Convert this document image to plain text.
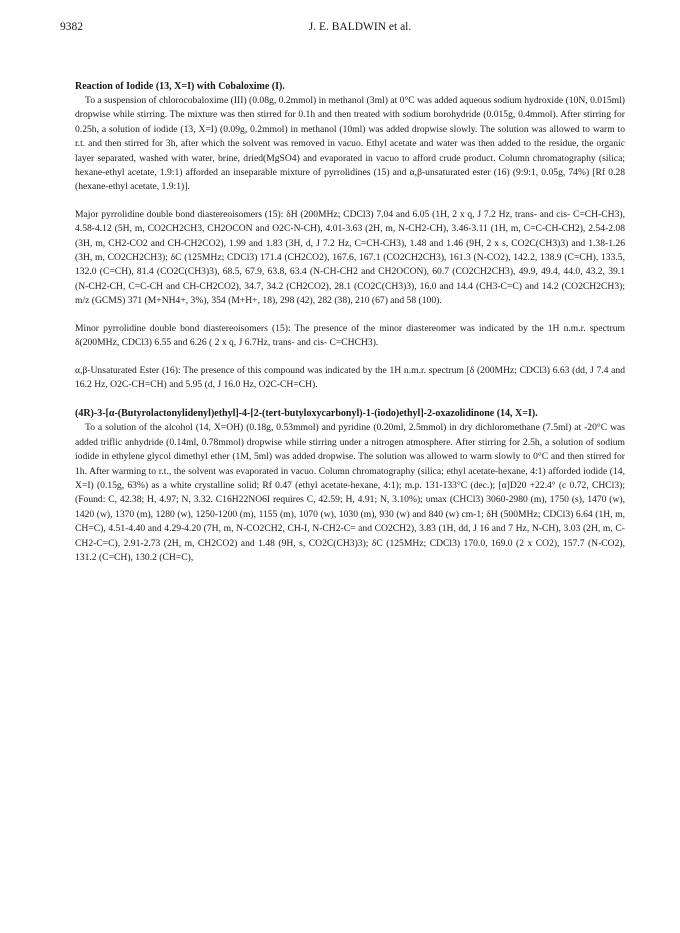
9382	J. E. BALDWIN et al.
Reaction of Iodide (13, X=I) with Cobaloxime (I).

To a suspension of chlorocobaloxime (III) (0.08g, 0.2mmol) in methanol (3ml) at 0°C was added aqueous sodium hydroxide (10N, 0.015ml) dropwise while stirring. The mixture was then stirred for 0.1h and then treated with sodium borohydride (0.015g, 0.4mmol). After stirring for 0.25h, a solution of iodide (13, X=I) (0.09g, 0.2mmol) in methanol (10ml) was added dropwise slowly. The solution was allowed to warm to r.t. and then stirred for 3h, after which the solvent was removed in vacuo. Ethyl acetate and water was then added to the residue, the organic layer separated, washed with water, brine, dried(MgSO4) and evaporated in vacuo to afford crude product. Column chromatography (silica; hexane-ethyl acetate, 1.9:1) afforded an inseparable mixture of pyrrolidines (15) and α,β-unsaturated ester (16) (9:9:1, 0.05g, 74%) [Rf 0.28 (hexane-ethyl acetate, 1.9:1)].

Major pyrrolidine double bond diastereoisomers (15): δH (200MHz; CDCl3) 7.04 and 6.05 (1H, 2 x q, J 7.2 Hz, trans- and cis- C=CH-CH3), 4.58-4.12 (5H, m, CO2CH2CH3, CH2OCON and O2C-N-CH), 4.01-3.63 (2H, m, N-CH2-CH), 3.46-3.11 (1H, m, C=C-CH-CH2), 2.54-2.08 (3H, m, CH2-CO2 and CH-CH2CO2), 1.99 and 1.83 (3H, d, J 7.2 Hz, C=CH-CH3), 1.48 and 1.46 (9H, 2 x s, CO2C(CH3)3) and 1.38-1.26 (3H, m, CO2CH2CH3); δC (125MHz; CDCl3) 171.4 (CH2CO2), 167.6, 167.1 (CO2CH2CH3), 161.3 (N-CO2), 142.2, 138.9 (C=CH), 133.5, 132.0 (C=CH), 81.4 (CO2C(CH3)3), 68.5, 67.9, 63.8, 63.4 (N-CH-CH2 and CH2OCON), 60.7 (CO2CH2CH3), 49.9, 49.4, 44.0, 43.2, 39.1 (N-CH2-CH, C=C-CH and CH-CH2CO2), 34.7, 34.2 (CH2CO2), 28.1 (CO2C(CH3)3), 16.0 and 14.4 (CH3-C=C) and 14.2 (CO2CH2CH3); m/z (GCMS) 371 (M+NH4+, 3%), 354 (M+H+, 18), 298 (42), 282 (38), 210 (67) and 58 (100).

Minor pyrrolidine double bond diastereoisomers (15): The presence of the minor diastereomer was indicated by the 1H n.m.r. spectrum δ(200MHz, CDCl3) 6.55 and 6.26 ( 2 x q, J 6.7Hz, trans- and cis- C=CHCH3).

α,β-Unsaturated Ester (16): The presence of this compound was indicated by the 1H n.m.r. spectrum [δ (200MHz; CDCl3) 6.63 (dd, J 7.4 and 16.2 Hz, O2C-CH=CH) and 5.95 (d, J 16.0 Hz, O2C-CH=CH).

(4R)-3-[α-(Butyrolactonylidenyl)ethyl]-4-[2-(tert-butyloxycarbonyl)-1-(iodo)ethyl]-2-oxazolidinone (14, X=I).

To a solution of the alcohol (14, X=OH) (0.18g, 0.53mmol) and pyridine (0.20ml, 2.5mmol) in dry dichloromethane (7.5ml) at -20°C was added triflic anhydride (0.14ml, 0.78mmol) dropwise while stirring under a nitrogen atmosphere. After stirring for 2.5h, a solution of sodium iodide in ethylene glycol dimethyl ether (1M, 5ml) was added dropwise. The solution was allowed to warm slowly to 0°C and then stirred for 1h. After warming to r.t., the solvent was evaporated in vacuo. Column chromatography (silica; ethyl acetate-hexane, 4:1) afforded iodide (14, X=I) (0.15g, 63%) as a white crystalline solid; Rf 0.47 (ethyl acetate-hexane, 4:1); m.p. 131-133°C (dec.); [α]D20 +22.4° (c 0.72, CHCl3); (Found: C, 42.38; H, 4.97; N, 3.32. C16H22NO6I requires C, 42.59; H, 4.91; N, 3.10%); υmax (CHCl3) 3060-2980 (m), 1750 (s), 1470 (w), 1420 (w), 1370 (m), 1280 (w), 1250-1200 (m), 1155 (m), 1070 (w), 1030 (m), 930 (w) and 840 (w) cm-1; δH (500MHz; CDCl3) 6.64 (1H, m, CH=C), 4.51-4.40 and 4.29-4.20 (7H, m, N-CO2CH2, CH-I, N-CH2-C= and CO2CH2), 3.83 (1H, dd, J 16 and 7 Hz, N-CH), 3.03 (2H, m, C-CH2-C=C), 2.91-2.73 (2H, m, CH2CO2) and 1.48 (9H, s, CO2C(CH3)3); δC (125MHz; CDCl3) 170.0, 169.0 (2 x CO2), 157.7 (N-CO2), 131.2 (C=CH), 130.2 (CH=C),
